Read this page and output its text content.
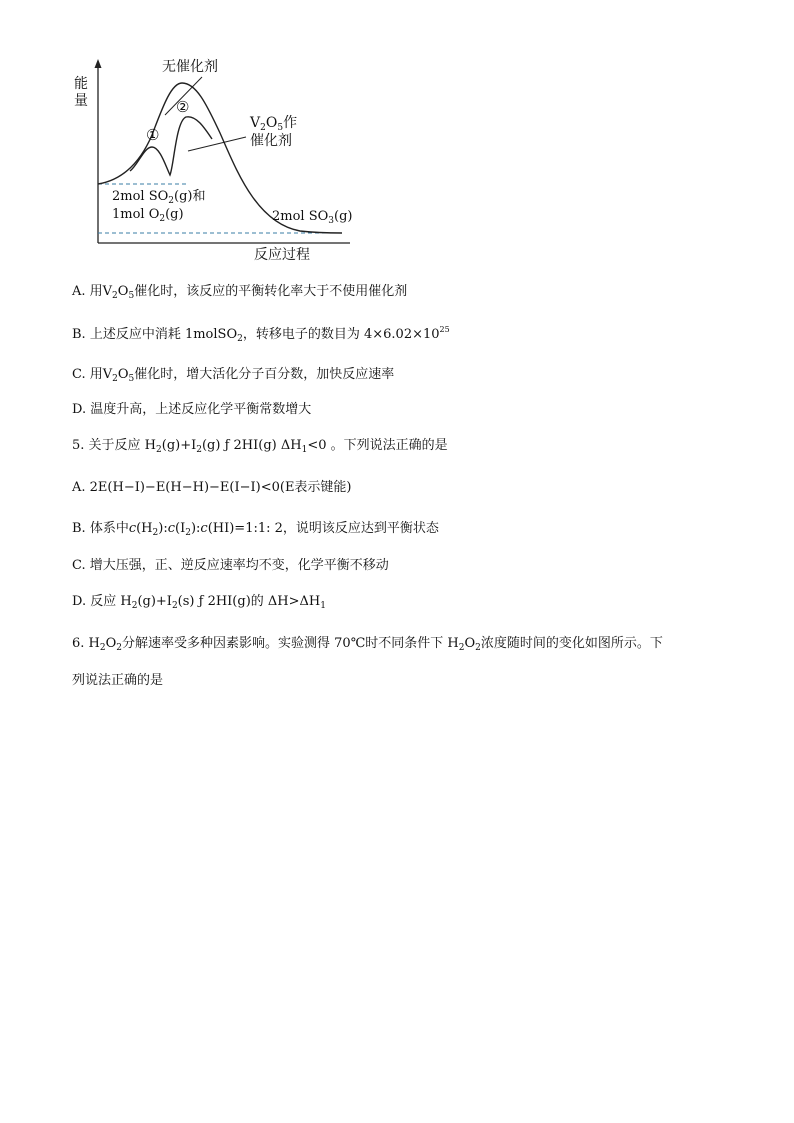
能
量
无催化剂
①
②
$V_2O_5$作
催化剂
2mol $SO_2(g)$和
1mol $O_2(g)$	2mol $SO_3(g)$
反应过程
A. 用$V_2O_5$催化时，该反应的平衡转化率大于不使用催化剂
B. 上述反应中消耗 1molSO$_2$，转移电子的数目为 $4\times 6.02\times 10^{25}$
C. 用$V_2O_5$催化时，增大活化分子百分数，加快反应速率
D. 温度升高，上述反应化学平衡常数增大
5. 关于反应 $H_2(g)+I_2(g)$ ƒ 2HI(g) $\Delta H_1<0$ 。下列说法正确的是
A. 2E(H−I)−E(H−H)−E(I−I)<0(E表示键能)
B. 体系中$c(H_2):c(I_2):c(HI)=1:1$: 2，说明该反应达到平衡状态
C. 增大压强，正、逆反应速率均不变，化学平衡不移动
D. 反应 $H_2(g)+I_2(s)$ ƒ 2HI(g)的 $\Delta H>\Delta H_1$
6. $H_2O_2$分解速率受多种因素影响。实验测得 70℃时不同条件下 $H_2O_2$浓度随时间的变化如图所示。下
列说法正确的是
